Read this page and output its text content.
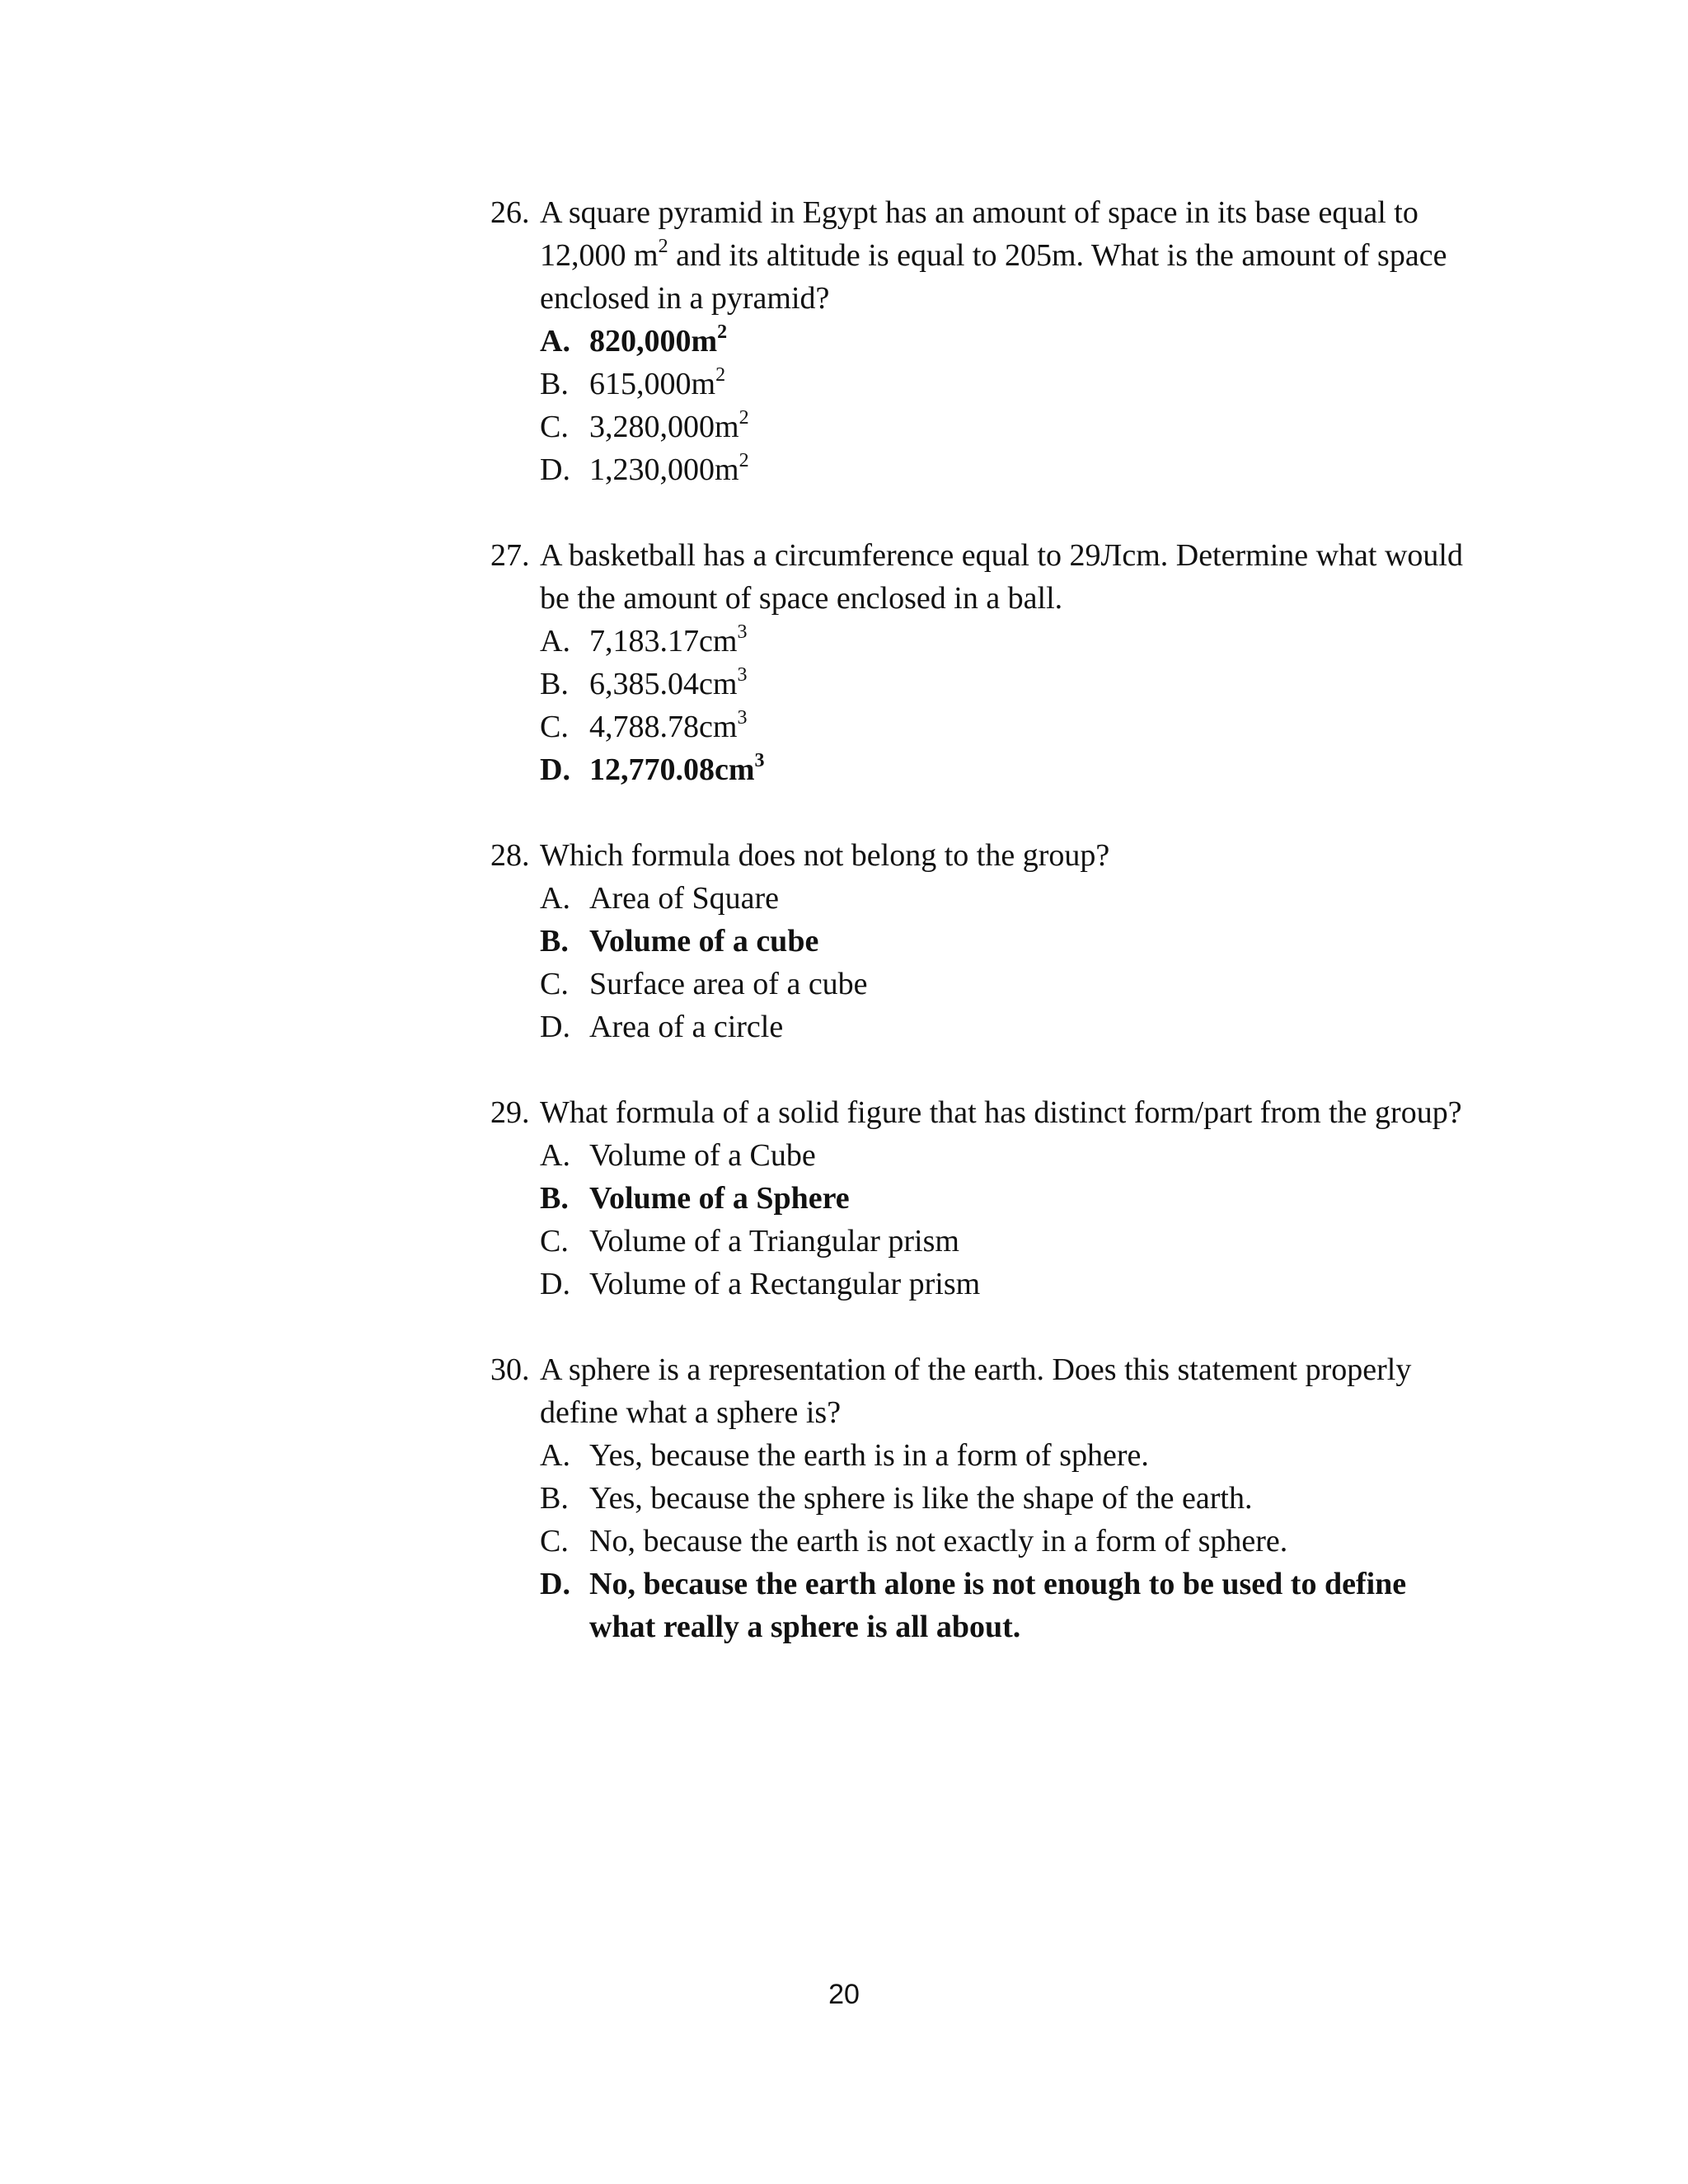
26. A square pyramid in Egypt has an amount of space in its base equal to 12,000 $m^2$ and its altitude is equal to 205m. What is the amount of space enclosed in a pyramid?
A. $820,000m^2$
B. $615,000m^2$
C. $3,280,000m^2$
D. $1,230,000m^2$
27. A basketball has a circumference equal to 29Лcm. Determine what would be the amount of space enclosed in a ball.
A. $7,183.17cm^3$
B. $6,385.04cm^3$
C. $4,788.78cm^3$
D. $12,770.08cm^3$
28. Which formula does not belong to the group?
A. Area of Square
B. Volume of a cube
C. Surface area of a cube
D. Area of a circle
29. What formula of a solid figure that has distinct form/part from the group?
A. Volume of a Cube
B. Volume of a Sphere
C. Volume of a Triangular prism
D. Volume of a Rectangular prism
30. A sphere is a representation of the earth. Does this statement properly define what a sphere is?
A. Yes, because the earth is in a form of sphere.
B. Yes, because the sphere is like the shape of the earth.
C. No, because the earth is not exactly in a form of sphere.
D. No, because the earth alone is not enough to be used to define what really a sphere is all about.
20
